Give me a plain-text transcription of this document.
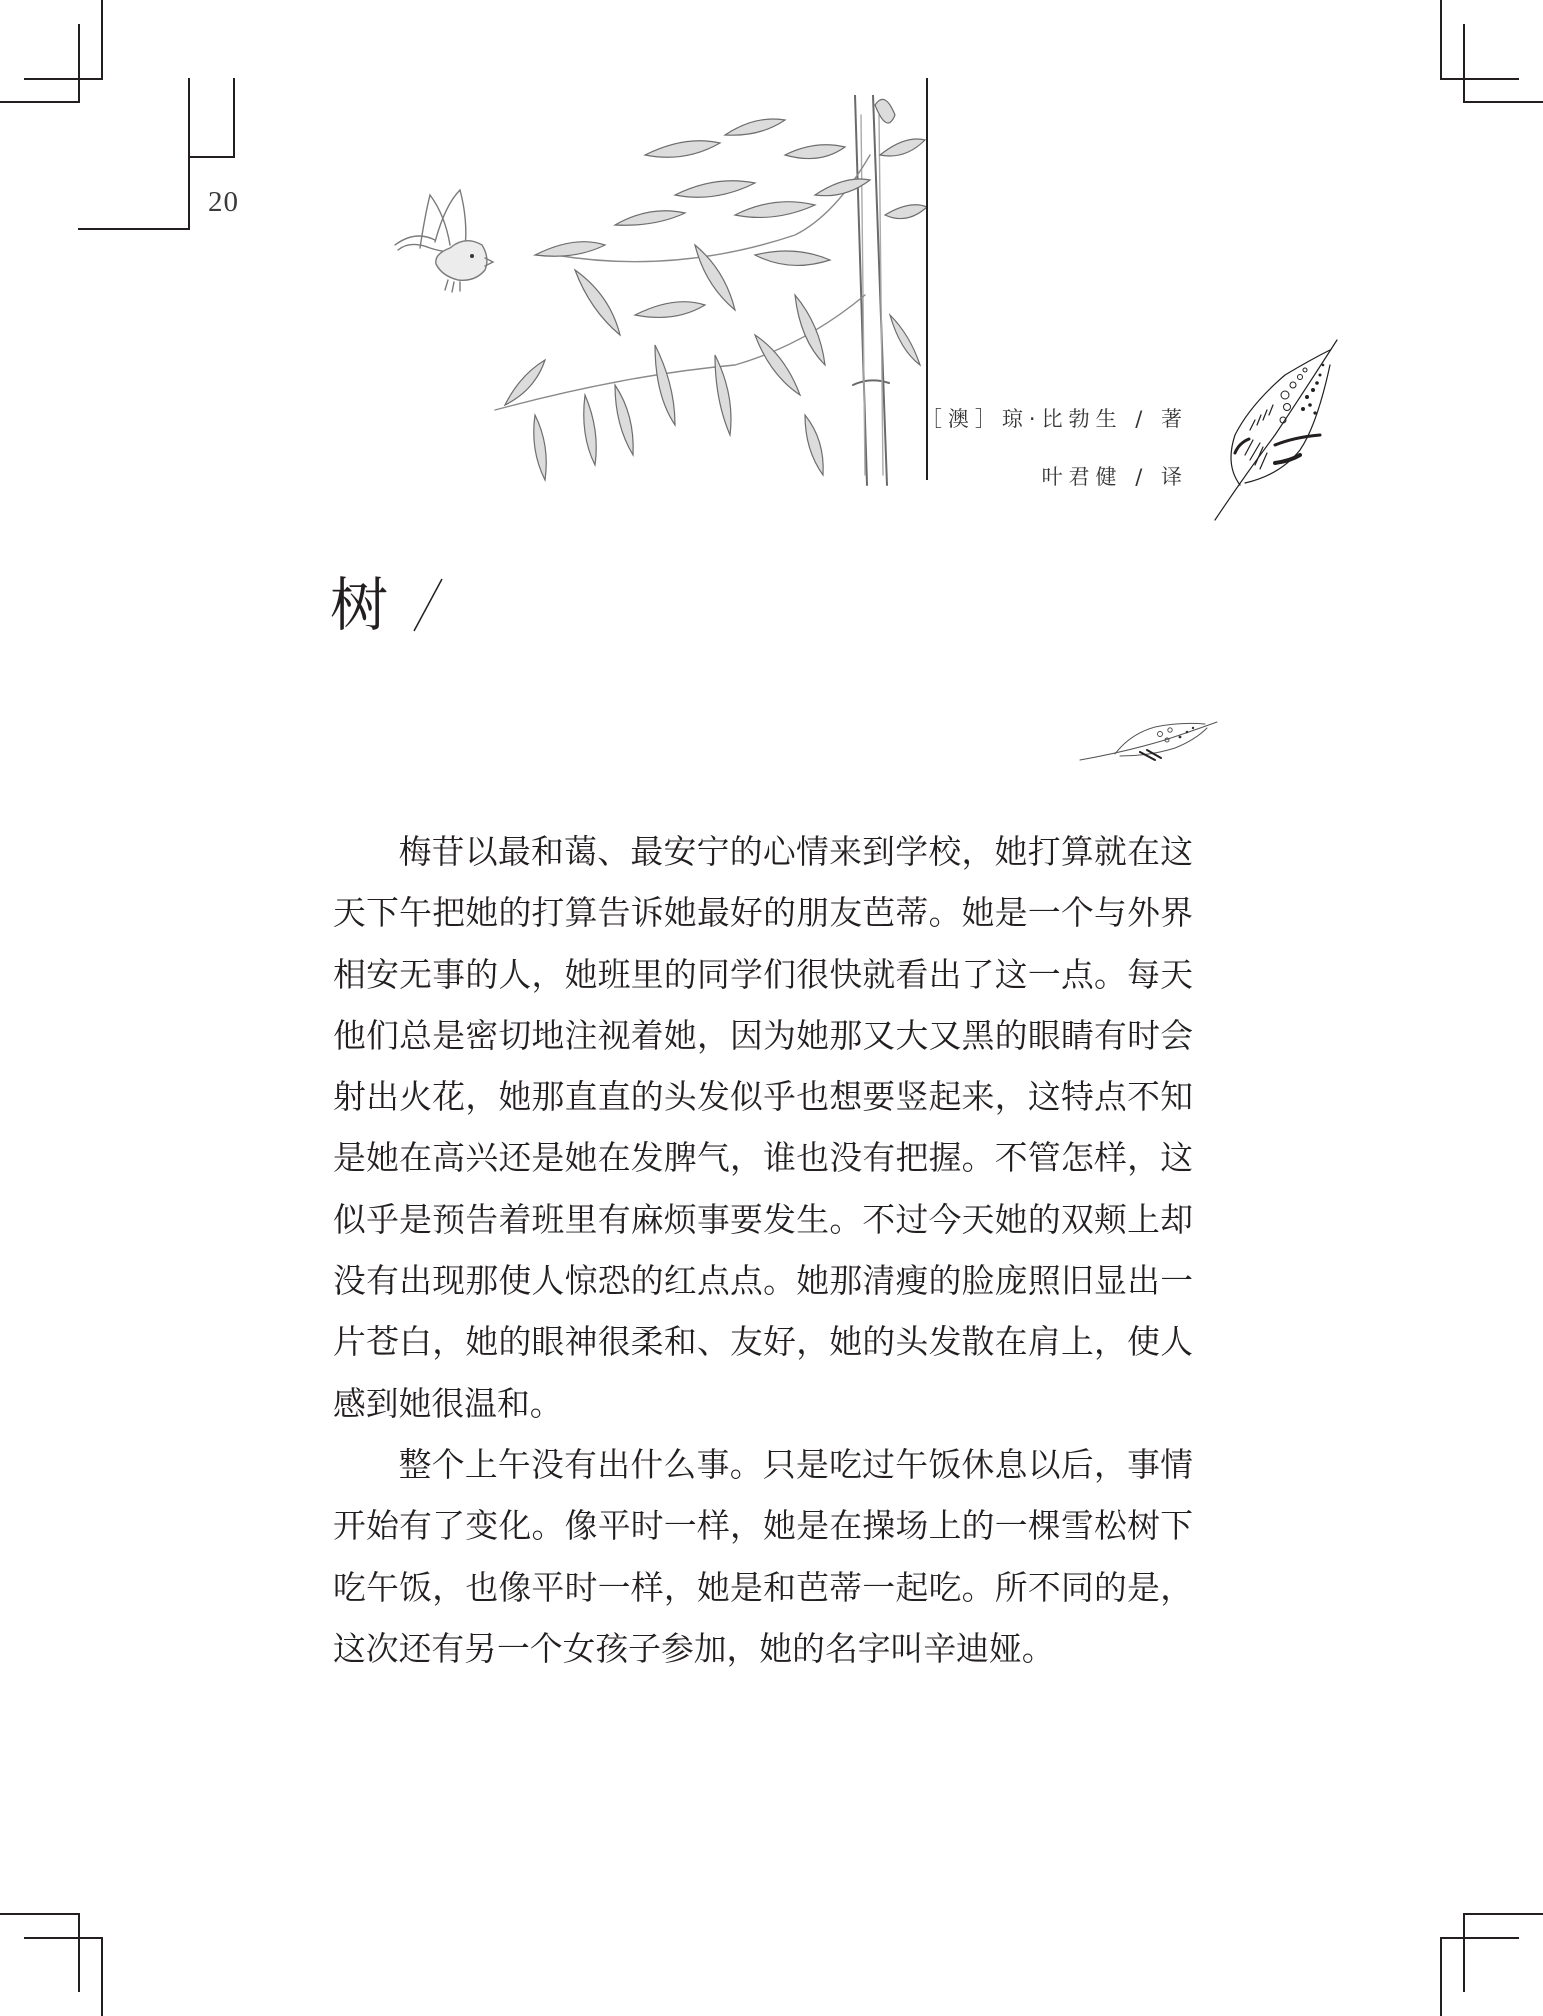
20
［澳］琼·比勃生 / 著
叶君健 / 译
树

梅苷以最和蔼、最安宁的心情来到学校，她打算就在这天下午把她的打算告诉她最好的朋友芭蒂。她是一个与外界相安无事的人，她班里的同学们很快就看出了这一点。每天他们总是密切地注视着她，因为她那又大又黑的眼睛有时会射出火花，她那直直的头发似乎也想要竖起来，这特点不知是她在高兴还是她在发脾气，谁也没有把握。不管怎样，这似乎是预告着班里有麻烦事要发生。不过今天她的双颊上却没有出现那使人惊恐的红点点。她那清瘦的脸庞照旧显出一片苍白，她的眼神很柔和、友好，她的头发散在肩上，使人感到她很温和。

整个上午没有出什么事。只是吃过午饭休息以后，事情开始有了变化。像平时一样，她是在操场上的一棵雪松树下吃午饭，也像平时一样，她是和芭蒂一起吃。所不同的是，这次还有另一个女孩子参加，她的名字叫辛迪娅。
